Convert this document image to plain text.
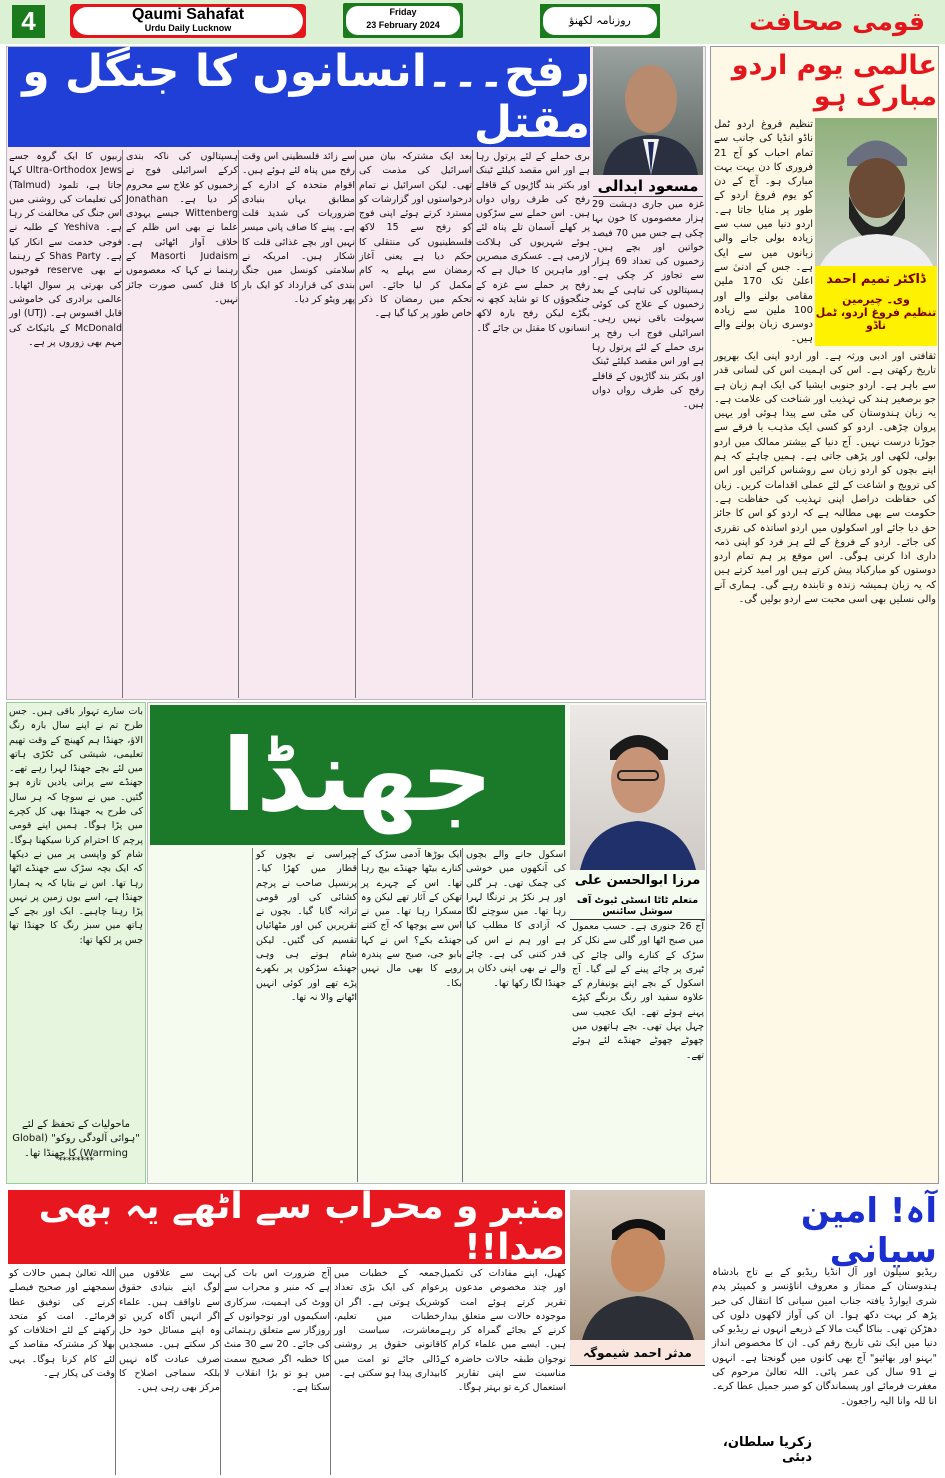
4	Qaumi Sahafat
Urdu Daily Lucknow
Friday
23 February 2024	روزنامہ لکھنؤ	قومی صحافت
رفح۔۔۔انسانوں کا جنگل و مقتل
مسعود ابدالی
غزہ میں جاری دہشت 29 ہزار معصوموں کا خون بہا چکی ہے جس میں 70 فیصد خواتین اور بچے ہیں۔ زخمیوں کی تعداد 69 ہزار سے تجاوز کر چکی ہے۔ ہسپتالوں کی تباہی کے بعد زخمیوں کے علاج کی کوئی سہولت باقی نہیں رہی۔ اسرائیلی فوج اب رفح پر بری حملے کے لئے پرتول رہا ہے اور اس مقصد کیلئے ٹینک اور بکتر بند گاڑیوں کے قافلے رفح کی طرف رواں دواں ہیں۔
بری حملے کے لئے پرتول رہا ہے اور اس مقصد کیلئے ٹینک اور بکتر بند گاڑیوں کے قافلے رفح کی طرف رواں دواں ہیں۔ اس حملے سے سڑکوں پر کھلے آسمان تلے پناہ لئے ہوئے شہریوں کی ہلاکت لازمی ہے۔ عسکری مبصرین اور ماہرین کا خیال ہے کہ رفح پر حملے سے غزہ کے جنگجوؤں کا تو شاید کچھ نہ بگڑے لیکن رفح بارہ لاکھ انسانوں کا مقتل بن جائے گا۔
بعد ایک مشترکہ بیان میں اسرائیل کی مذمت کی تھی۔ لیکن اسرائیل نے تمام درخواستوں اور گزارشات کو مسترد کرتے ہوئے اپنی فوج کو رفح سے 15 لاکھ فلسطینیوں کی منتقلی کا حکم دیا ہے یعنی آغاز رمضان سے پہلے یہ کام مکمل کر لیا جائے۔ اس تحکم میں رمضان کا ذکر خاص طور پر کیا گیا ہے۔
سے زائد فلسطینی اس وقت رفح میں پناہ لئے ہوئے ہیں۔ اقوام متحدہ کے ادارے کے مطابق یہاں بنیادی ضروریات کی شدید قلت ہے۔ پینے کا صاف پانی میسر نہیں اور بچے غذائی قلت کا شکار ہیں۔ امریکہ نے سلامتی کونسل میں جنگ بندی کی قرارداد کو ایک بار پھر ویٹو کر دیا۔
ہسپتالوں کی ناکہ بندی کرکے اسرائیلی فوج نے زخمیوں کو علاج سے محروم کر دیا ہے۔ Jonathan Wittenberg جیسے یہودی علما نے بھی اس ظلم کے خلاف آواز اٹھائی ہے۔ Masorti Judaism کے رہنما نے کہا کہ معصوموں کا قتل کسی صورت جائز نہیں۔
ربیوں کا ایک گروہ جسے Ultra-Orthodox Jews کہا جاتا ہے، تلمود (Talmud) کی تعلیمات کی روشنی میں اس جنگ کی مخالفت کر رہا ہے۔ Yeshiva کے طلبہ نے فوجی خدمت سے انکار کیا ہے۔ Shas Party کے رہنما نے بھی reserve فوجیوں کی بھرتی پر سوال اٹھایا۔ عالمی برادری کی خاموشی قابل افسوس ہے۔ (UTJ) اور McDonald کے بائیکاٹ کی مہم بھی زوروں پر ہے۔
عالمی یوم اردو مبارک ہو
تنظیم فروغ اردو ٹمل ناڈو انڈیا کی جانب سے تمام احباب کو آج 21 فروری کا دن بہت بہت مبارک ہو۔ آج کے دن کو یوم فروغ اردو کے طور پر منایا جاتا ہے۔ اردو دنیا میں سب سے زیادہ بولی جانے والی زبانوں میں سے ایک ہے۔ جس کے ادنیٰ سے اعلیٰ تک 170 ملین مقامی بولنے والے اور 100 ملین سے زیادہ دوسری زبان بولنے والے ہیں۔
ڈاکٹر تمیم احمد
وی۔ چیرمین
تنظیم فروغ اردو، ٹمل ناڈو
ثقافتی اور ادبی ورثہ ہے۔ اور اردو اپنی ایک بھرپور تاریخ رکھتی ہے۔ اس کی اہمیت اس کی لسانی قدر سے باہر ہے۔ اردو جنوبی ایشیا کی ایک اہم زبان ہے جو برصغیر ہند کی تہذیب اور شناخت کی علامت ہے۔ یہ زبان ہندوستان کی مٹی سے پیدا ہوئی اور یہیں پروان چڑھی۔ اردو کو کسی ایک مذہب یا فرقے سے جوڑنا درست نہیں۔ آج دنیا کے بیشتر ممالک میں اردو بولی، لکھی اور پڑھی جاتی ہے۔ ہمیں چاہئے کہ ہم اپنے بچوں کو اردو زبان سے روشناس کرائیں اور اس کی ترویج و اشاعت کے لئے عملی اقدامات کریں۔ زبان کی حفاظت دراصل اپنی تہذیب کی حفاظت ہے۔ حکومت سے بھی مطالبہ ہے کہ اردو کو اس کا جائز حق دیا جائے اور اسکولوں میں اردو اساتذہ کی تقرری کی جائے۔ اردو کے فروغ کے لئے ہر فرد کو اپنی ذمہ داری ادا کرنی ہوگی۔ اس موقع پر ہم تمام اردو دوستوں کو مبارکباد پیش کرتے ہیں اور امید کرتے ہیں کہ یہ زبان ہمیشہ زندہ و تابندہ رہے گی۔ ہماری آنے والی نسلیں بھی اسی محبت سے اردو بولیں گی۔
بات سارے تہوار باقی ہیں۔ جس طرح تم نے اپنے سال بارہ رنگ الاؤ، جھنڈا ہم کھینچ کے وقت تھیم تعلیمی، شیشی کی ٹکڑی ہاتھ میں لئے بچے جھنڈا لہرا رہے تھے۔ جھنڈے سے پرانی یادیں تازہ ہو گئیں۔ میں نے سوچا کہ ہر سال کی طرح یہ جھنڈا بھی کل کچرے میں پڑا ہوگا۔ ہمیں اپنے قومی پرچم کا احترام کرنا سیکھنا ہوگا۔ شام کو واپسی پر میں نے دیکھا کہ ایک بچہ سڑک سے جھنڈے اٹھا رہا تھا۔ اس نے بتایا کہ یہ ہمارا جھنڈا ہے، اسے یوں زمین پر نہیں پڑا رہنا چاہیے۔ ایک اور بچے کے ہاتھ میں سبز رنگ کا جھنڈا تھا جس پر لکھا تھا:
ماحولیات کے تحفظ کے لئے "ہوائی آلودگی روکو" (Global Warming) کا جھنڈا تھا۔
********
جھنڈا
مرزا ابوالحسن علی
متعلم ٹاٹا انسٹی ٹیوٹ آف سوشل سائنس
آج 26 جنوری ہے۔ حسب معمول میں صبح اٹھا اور گلی سے نکل کر سڑک کے کنارے والی چائے کی ٹپری پر چائے پینے کے لیے گیا۔ آج اسکول کے بچے اپنے یونیفارم کے علاوہ سفید اور رنگ برنگے کپڑے پہنے ہوئے تھے۔ ایک عجیب سی چہل پہل تھی۔ بچے ہاتھوں میں چھوٹے چھوٹے جھنڈے لئے ہوئے تھے۔
اسکول جانے والے بچوں کی آنکھوں میں خوشی کی چمک تھی۔ ہر گلی اور ہر نکڑ پر ترنگا لہرا رہا تھا۔ میں سوچنے لگا کہ آزادی کا مطلب کیا ہے اور ہم نے اس کی قدر کتنی کی ہے۔ چائے والے نے بھی اپنی دکان پر جھنڈا لگا رکھا تھا۔
ایک بوڑھا آدمی سڑک کے کنارے بیٹھا جھنڈے بیچ رہا تھا۔ اس کے چہرے پر تھکن کے آثار تھے لیکن وہ مسکرا رہا تھا۔ میں نے اس سے پوچھا کہ آج کتنے جھنڈے بکے؟ اس نے کہا بابو جی، صبح سے پندرہ روپے کا بھی مال نہیں بکا۔
چپراسی نے بچوں کو قطار میں کھڑا کیا۔ پرنسپل صاحب نے پرچم کشائی کی اور قومی ترانہ گایا گیا۔ بچوں نے تقریریں کیں اور مٹھائیاں تقسیم کی گئیں۔ لیکن شام ہوتے ہی وہی جھنڈے سڑکوں پر بکھرے پڑے تھے اور کوئی انہیں اٹھانے والا نہ تھا۔
منبر و محراب سے اٹھے یہ بھی صدا!!
مدثر احمد شیموگہ
کھیل، اپنے مفادات کی تکمیل اور چند مخصوص مدعوں پر تقریر کرتے ہوئے امت کو موجودہ حالات سے متعلق بیدار کرنے کے بجائے گمراہ کر رہے ہیں۔ ایسے میں علماء کرام کا نوجوان طبقہ حالات حاضرہ کے مناسبت سے اپنی تقاریر کا استعمال کرے تو بہتر ہوگا۔
جمعہ کے خطبات میں عوام کی ایک بڑی تعداد شریک ہوتی ہے۔ اگر ان خطبات میں تعلیم، معاشرت، سیاست اور قانونی حقوق پر روشنی ڈالی جائے تو امت میں بیداری پیدا ہو سکتی ہے۔
آج ضرورت اس بات کی ہے کہ منبر و محراب سے ووٹ کی اہمیت، سرکاری اسکیموں اور نوجوانوں کے روزگار سے متعلق رہنمائی کی جائے۔ 20 سے 30 منٹ کا خطبہ اگر صحیح سمت میں ہو تو بڑا انقلاب لا سکتا ہے۔
بہت سے علاقوں میں لوگ اپنے بنیادی حقوق سے ناواقف ہیں۔ علماء اگر انہیں آگاہ کریں تو وہ اپنے مسائل خود حل کر سکتے ہیں۔ مسجدیں صرف عبادت گاہ نہیں بلکہ سماجی اصلاح کا مرکز بھی رہی ہیں۔
اللہ تعالیٰ ہمیں حالات کو سمجھنے اور صحیح فیصلے کرنے کی توفیق عطا فرمائے۔ امت کو متحد رکھنے کے لئے اختلافات کو بھلا کر مشترکہ مقاصد کے لئے کام کرنا ہوگا۔ یہی وقت کی پکار ہے۔
آہ! امین سیانی
ریڈیو سیلون اور آل انڈیا ریڈیو کے بے تاج بادشاہ ہندوستان کے ممتاز و معروف اناؤنسر و کمپیئر پدم شری ایوارڈ یافتہ جناب امین سیانی کا انتقال کی خبر پڑھ کر بہت دکھ ہوا۔ ان کی آواز لاکھوں دلوں کی دھڑکن تھی۔ بناکا گیت مالا کے ذریعے انہوں نے ریڈیو کی دنیا میں ایک نئی تاریخ رقم کی۔ ان کا مخصوص انداز "بہنو اور بھائیو" آج بھی کانوں میں گونجتا ہے۔ انہوں نے 91 سال کی عمر پائی۔ اللہ تعالیٰ مرحوم کی مغفرت فرمائے اور پسماندگان کو صبر جمیل عطا کرے۔ انا للہ وانا الیہ راجعون۔
زکریا سلطان، دبئی
